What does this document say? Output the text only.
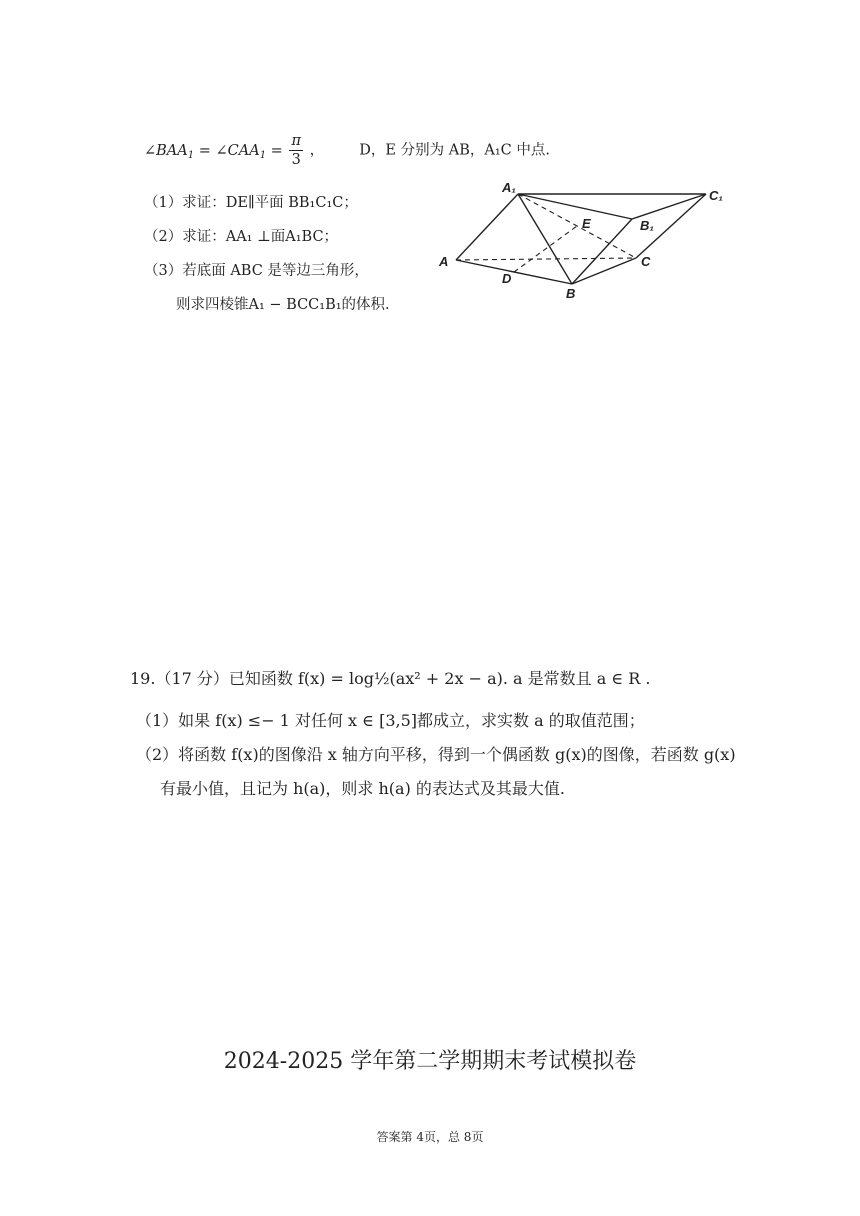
$\angle BAA_1$ = $\angle CAA_1 = \frac{\pi}{3}$ ， D，E 分别为 AB，A₁C 中点.
（1）求证：DE∥平面 BB₁C₁C；
（2）求证：AA₁ ⊥面A₁BC；
（3）若底面 ABC 是等边三角形，
则求四棱锥A₁ − BCC₁B₁的体积.
A₁
C₁
B₁
E
A	C
D
B
19.（17 分）已知函数 f(x) = log½(ax² + 2x − a). a 是常数且 a ∈ R .
（1）如果 f(x) ≤− 1 对任何 x ∈ [3,5]都成立，求实数 a 的取值范围；
（2）将函数 f(x)的图像沿 x 轴方向平移，得到一个偶函数 g(x)的图像，若函数 g(x)
有最小值，且记为 h(a)，则求 h(a) 的表达式及其最大值.
2024-2025 学年第二学期期末考试模拟卷
答案第 4页，总 8页
